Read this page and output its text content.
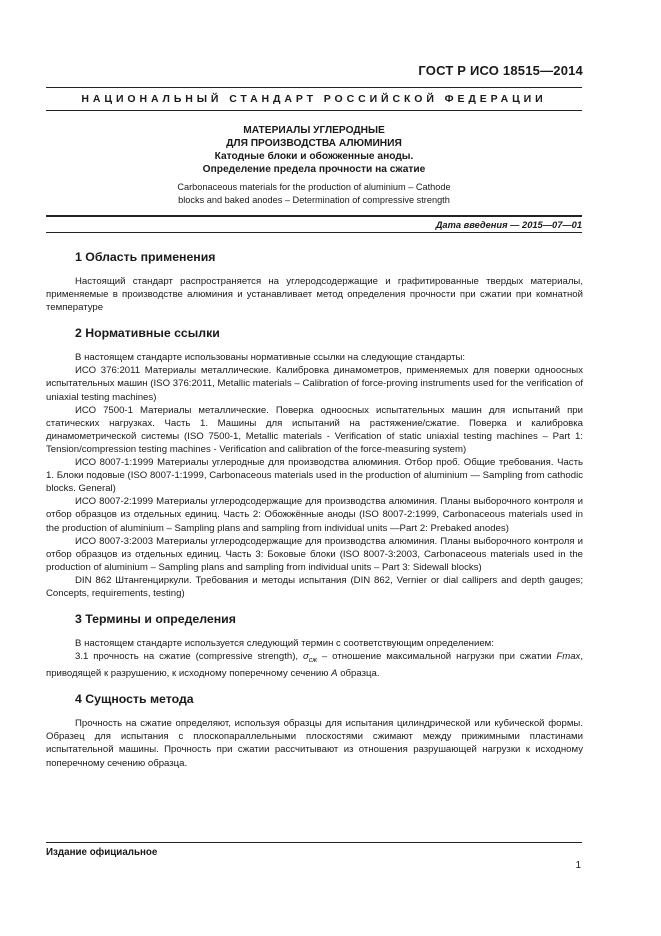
ГОСТ Р ИСО 18515—2014
НАЦИОНАЛЬНЫЙ СТАНДАРТ РОССИЙСКОЙ ФЕДЕРАЦИИ
МАТЕРИАЛЫ УГЛЕРОДНЫЕ
ДЛЯ ПРОИЗВОДСТВА АЛЮМИНИЯ
Катодные блоки и обожженные аноды.
Определение предела прочности на сжатие
Carbonaceous materials for the production of aluminium – Cathode
blocks and baked anodes – Determination of compressive strength
Дата введения — 2015—07—01
1 Область применения

Настоящий стандарт распространяется на углеродсодержащие и графитированные твердых материалы, применяемые в производстве алюминия и устанавливает метод определения прочности при сжатии при комнатной температуре

2 Нормативные ссылки

В настоящем стандарте использованы нормативные ссылки на следующие стандарты:

ИСО 376:2011 Материалы металлические. Калибровка динамометров, применяемых для поверки одноосных испытательных машин (ISO 376:2011, Metallic materials – Calibration of force-proving instruments used for the verification of uniaxial testing machines)

ИСО 7500-1 Материалы металлические. Поверка одноосных испытательных машин для испытаний при статических нагрузках. Часть 1. Машины для испытаний на растяжение/сжатие. Поверка и калибровка динамометрической системы (ISO 7500-1, Metallic materials - Verification of static uniaxial testing machines – Part 1: Tension/compression testing machines - Verification and calibration of the force-measuring system)

ИСО 8007-1:1999 Материалы углеродные для производства алюминия. Отбор проб. Общие требования. Часть 1. Блоки подовые (ISO 8007-1:1999, Carbonaceous materials used in the production of aluminium — Sampling from cathodic blocks. General)

ИСО 8007-2:1999 Материалы углеродсодержащие для производства алюминия. Планы выборочного контроля и отбор образцов из отдельных единиц. Часть 2: Обожжённые аноды (ISO 8007-2:1999, Carbonaceous materials used in the production of aluminium – Sampling plans and sampling from individual units —Part 2: Prebaked anodes)

ИСО 8007-3:2003 Материалы углеродсодержащие для производства алюминия. Планы выборочного контроля и отбор образцов из отдельных единиц. Часть 3: Боковые блоки (ISO 8007-3:2003, Carbonaceous materials used in the production of aluminium – Sampling plans and sampling from individual units – Part 3: Sidewall blocks)

DIN 862 Штангенциркули. Требования и методы испытания (DIN 862, Vernier or dial callipers and depth gauges; Concepts, requirements, testing)

3 Термины и определения

В настоящем стандарте используется следующий термин с соответствующим определением:

3.1 прочность на сжатие (compressive strength), $\sigma_{сж}$ – отношение максимальной нагрузки при сжатии Fmax, приводящей к разрушению, к исходному поперечному сечению A образца.

4 Сущность метода

Прочность на сжатие определяют, используя образцы для испытания цилиндрической или кубической формы. Образец для испытания с плоскопараллельными плоскостями сжимают между прижимными пластинами испытательной машины. Прочность при сжатии рассчитывают из отношения разрушающей нагрузки к исходному поперечному сечению образца.

Издание официальное
1
